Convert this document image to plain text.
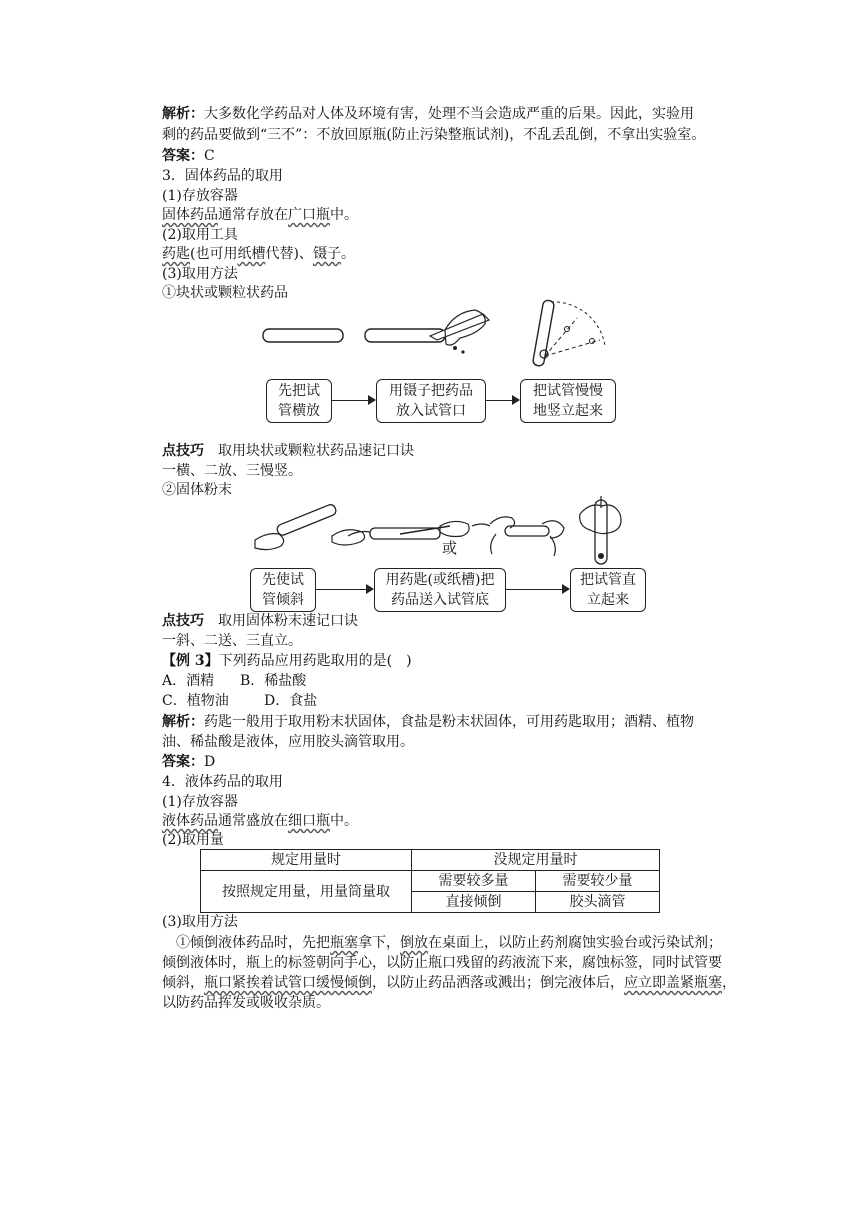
解析：大多数化学药品对人体及环境有害，处理不当会造成严重的后果。因此，实验用
剩的药品要做到“三不”：不放回原瓶(防止污染整瓶试剂)，不乱丢乱倒，不拿出实验室。
答案：C
3．固体药品的取用
(1)存放容器
固体药品通常存放在广口瓶中。
(2)取用工具
药匙(也可用纸槽代替)、镊子。
(3)取用方法
①块状或颗粒状药品
先把试
管横放
用镊子把药品
放入试管口
把试管慢慢
地竖立起来
点技巧　 取用块状或颗粒状药品速记口诀
一横、二放、三慢竖。
②固体粉末
或
先使试
管倾斜
用药匙(或纸槽)把
药品送入试管底
把试管直
立起来
点技巧　 取用固体粉末速记口诀
一斜、二送、三直立。
【例 3】下列药品应用药匙取用的是(　)
A．酒精 B．稀盐酸
C．植物油	D．食盐
解析：药匙一般用于取用粉末状固体，食盐是粉末状固体，可用药匙取用；酒精、植物
油、稀盐酸是液体，应用胶头滴管取用。
答案：D
4．液体药品的取用
(1)存放容器
液体药品通常盛放在细口瓶中。
(2)取用量
规定用量时	没规定用量时	
按照规定用量，用量筒量取	需要较多量	需要较少量
	直接倾倒	胶头滴管
(3)取用方法
①倾倒液体药品时，先把瓶塞拿下，倒放在桌面上，以防止药剂腐蚀实验台或污染试剂；
倾倒液体时，瓶上的标签朝向手心，以防止瓶口残留的药液流下来，腐蚀标签，同时试管要
倾斜，瓶口紧挨着试管口缓慢倾倒，以防止药品洒落或溅出；倒完液体后，应立即盖紧瓶塞，
以防药品挥发或吸收杂质。
